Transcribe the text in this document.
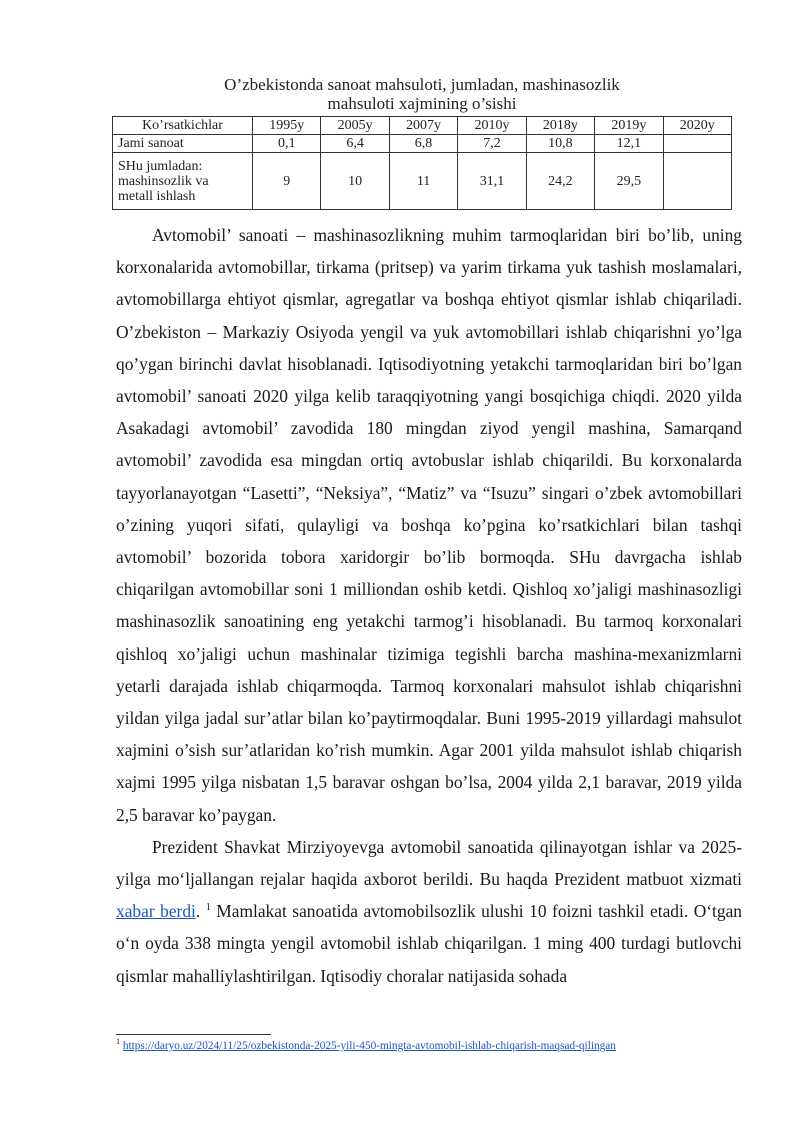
O’zbekistonda sanoat mahsuloti, jumladan, mashinasozlik
mahsuloti xajmining o’sishi
Ko’rsatkichlar	1995y	2005y	2007y	2010y	2018y	2019y	2020y

Jami sanoat	0,1	6,4	6,8	7,2	10,8	12,1	

SHu jumladan:
mashinsozlik va
metall ishlash	9	10	11	31,1	24,2	29,5	

Avtomobil’ sanoati – mashinasozlikning muhim tarmoqlaridan biri bo’lib, uning korxonalarida avtomobillar, tirkama (pritsep) va yarim tirkama yuk tashish moslamalari, avtomobillarga ehtiyot qismlar, agregatlar va boshqa ehtiyot qismlar ishlab chiqariladi. O’zbekiston – Markaziy Osiyoda yengil va yuk avtomobillari ishlab chiqarishni yo’lga qo’ygan birinchi davlat hisoblanadi. Iqtisodiyotning yetakchi tarmoqlaridan biri bo’lgan avtomobil’ sanoati 2020 yilga kelib taraqqiyotning yangi bosqichiga chiqdi. 2020 yilda Asakadagi avtomobil’ zavodida 180 mingdan ziyod yengil mashina, Samarqand avtomobil’ zavodida esa mingdan ortiq avtobuslar ishlab chiqarildi. Bu korxonalarda tayyorlanayotgan “Lasetti”, “Neksiya”, “Matiz” va “Isuzu” singari o’zbek avtomobillari o’zining yuqori sifati, qulayligi va boshqa ko’pgina ko’rsatkichlari bilan tashqi avtomobil’ bozorida tobora xaridorgir bo’lib bormoqda. SHu davrgacha ishlab chiqarilgan avtomobillar soni 1 milliondan oshib ketdi. Qishloq xo’jaligi mashinasozligi mashinasozlik sanoatining eng yetakchi tarmog’i hisoblanadi. Bu tarmoq korxonalari qishloq xo’jaligi uchun mashinalar tizimiga tegishli barcha mashina-mexanizmlarni yetarli darajada ishlab chiqarmoqda. Tarmoq korxonalari mahsulot ishlab chiqarishni yildan yilga jadal sur’atlar bilan ko’paytirmoqdalar. Buni 1995-2019 yillardagi mahsulot xajmini o’sish sur’atlaridan ko’rish mumkin. Agar 2001 yilda mahsulot ishlab chiqarish xajmi 1995 yilga nisbatan 1,5 baravar oshgan bo’lsa, 2004 yilda 2,1 baravar, 2019 yilda 2,5 baravar ko’paygan.

Prezident Shavkat Mirziyoyevga avtomobil sanoatida qilinayotgan ishlar va 2025-yilga mo‘ljallangan rejalar haqida axborot berildi. Bu haqda Prezident matbuot xizmati xabar berdi. $^1$ Mamlakat sanoatida avtomobilsozlik ulushi 10 foizni tashkil etadi. O‘tgan o‘n oyda 338 mingta yengil avtomobil ishlab chiqarilgan. 1 ming 400 turdagi butlovchi qismlar mahalliylashtirilgan. Iqtisodiy choralar natijasida sohada

$^1$ https://daryo.uz/2024/11/25/ozbekistonda-2025-yili-450-mingta-avtomobil-ishlab-chiqarish-maqsad-qilingan
